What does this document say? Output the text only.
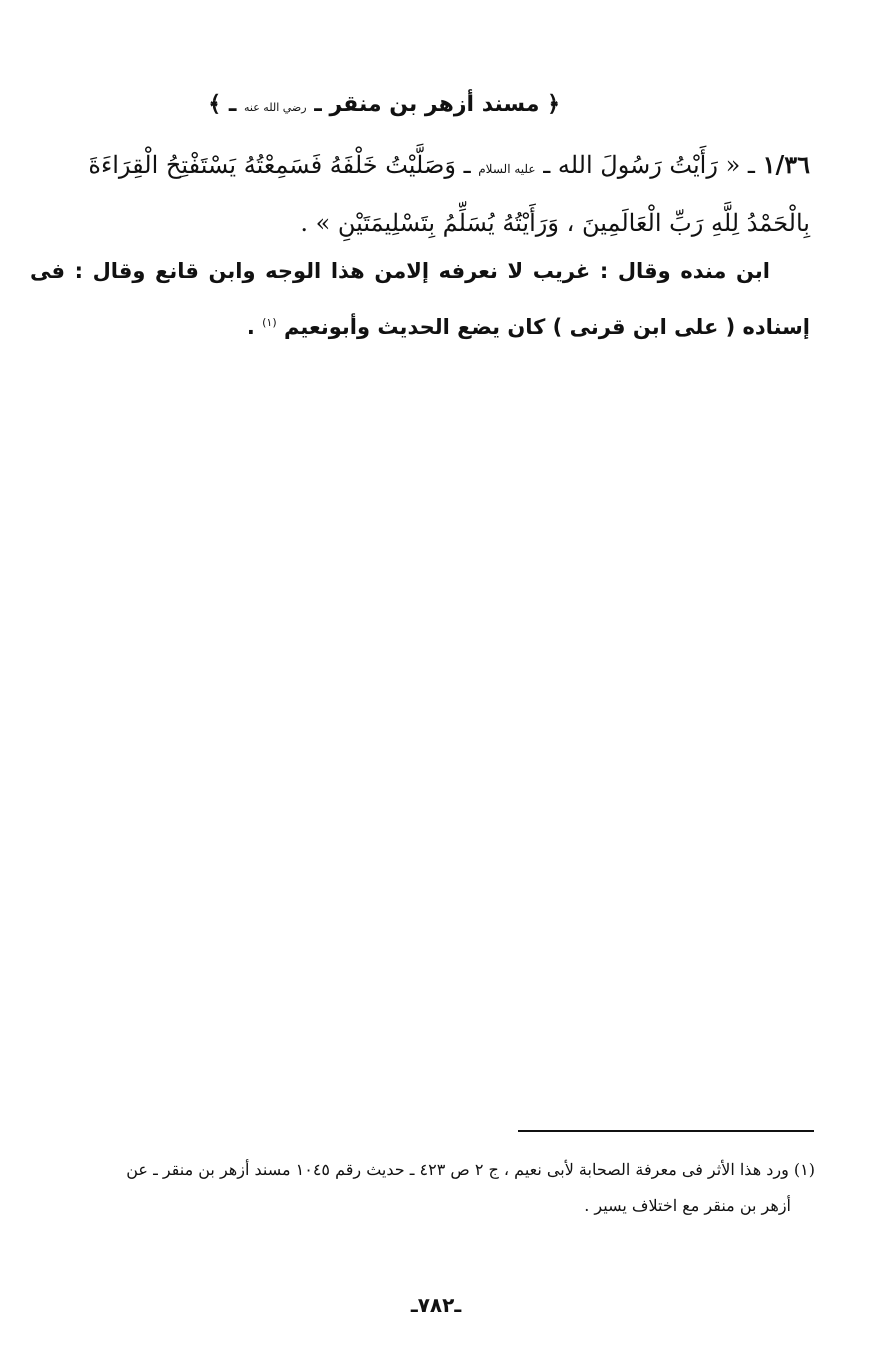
﴿ مسند أزهر بن منقر ـ رضي الله عنه ـ ﴾
١/٣٦ ـ « رَأَيْتُ رَسُولَ الله ـ عليه السلام ـ وَصَلَّيْتُ خَلْفَهُ فَسَمِعْتُهُ يَسْتَفْتِحُ الْقِرَاءَةَ بِالْحَمْدُ لِلَّهِ رَبِّ الْعَالَمِينَ ، وَرَأَيْتُهُ يُسَلِّمُ بِتَسْلِيمَتَيْنِ » .
ابن منده وقال : غريب لا نعرفه إلامن هذا الوجه وابن قانع وقال : فى إسناده ( على ابن قرنى ) كان يضع الحديث وأبونعيم $^{(١)}$ .
(١) ورد هذا الأثر فى معرفة الصحابة لأبى نعيم ، ج ٢ ص ٤٢٣ ـ حديث رقم ١٠٤٥ مسند أزهر بن منقر ـ عن
أزهر بن منقر مع اختلاف يسير .
ـ٧٨٢ـ
